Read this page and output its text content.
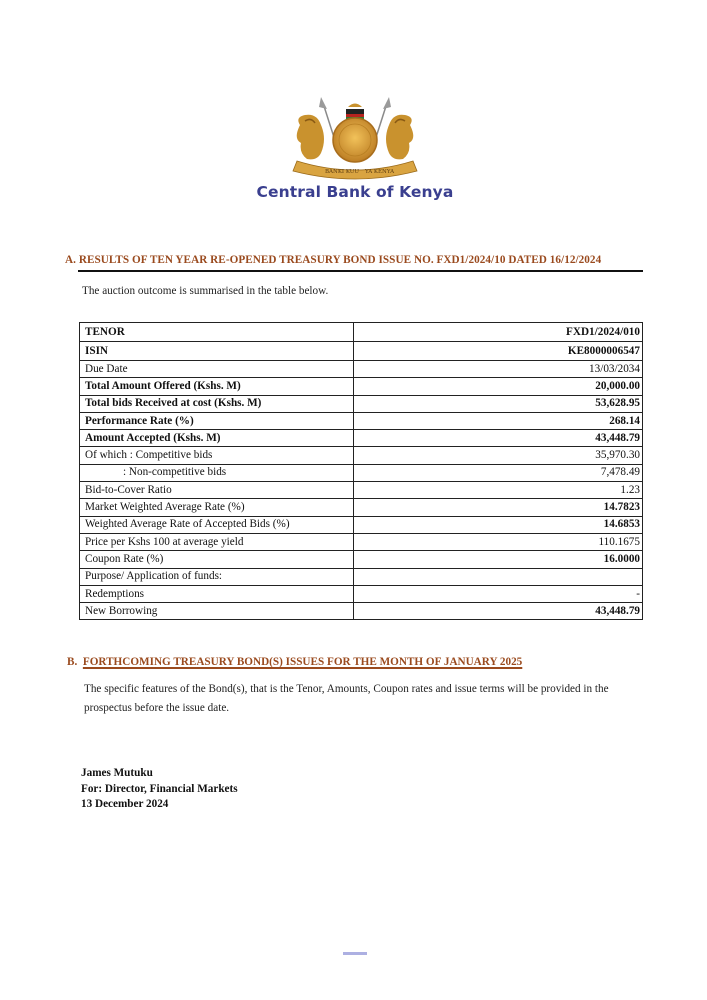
BANKI KUU YA KENYA
Central Bank of Kenya
A. RESULTS OF TEN YEAR RE-OPENED TREASURY BOND ISSUE NO. FXD1/2024/10 DATED 16/12/2024
The auction outcome is summarised in the table below.
TENOR	FXD1/2024/010
ISIN	KE8000006547
Due Date	13/03/2034
Total Amount Offered (Kshs. M)	20,000.00
Total bids Received at cost (Kshs. M)	53,628.95
Performance Rate (%)	268.14
Amount Accepted (Kshs. M)	43,448.79
Of which : Competitive bids	35,970.30
: Non-competitive bids	7,478.49
Bid-to-Cover Ratio	1.23
Market Weighted Average Rate (%)	14.7823
Weighted Average Rate of Accepted Bids (%)	14.6853
Price per Kshs 100 at average yield	110.1675
Coupon Rate (%)	16.0000
Purpose/ Application of funds:	
Redemptions	-
New Borrowing	43,448.79
B. FORTHCOMING TREASURY BOND(S) ISSUES FOR THE MONTH OF JANUARY 2025
The specific features of the Bond(s), that is the Tenor, Amounts, Coupon rates and issue terms will be provided in the prospectus before the issue date.
James Mutuku
For: Director, Financial Markets
13 December 2024
